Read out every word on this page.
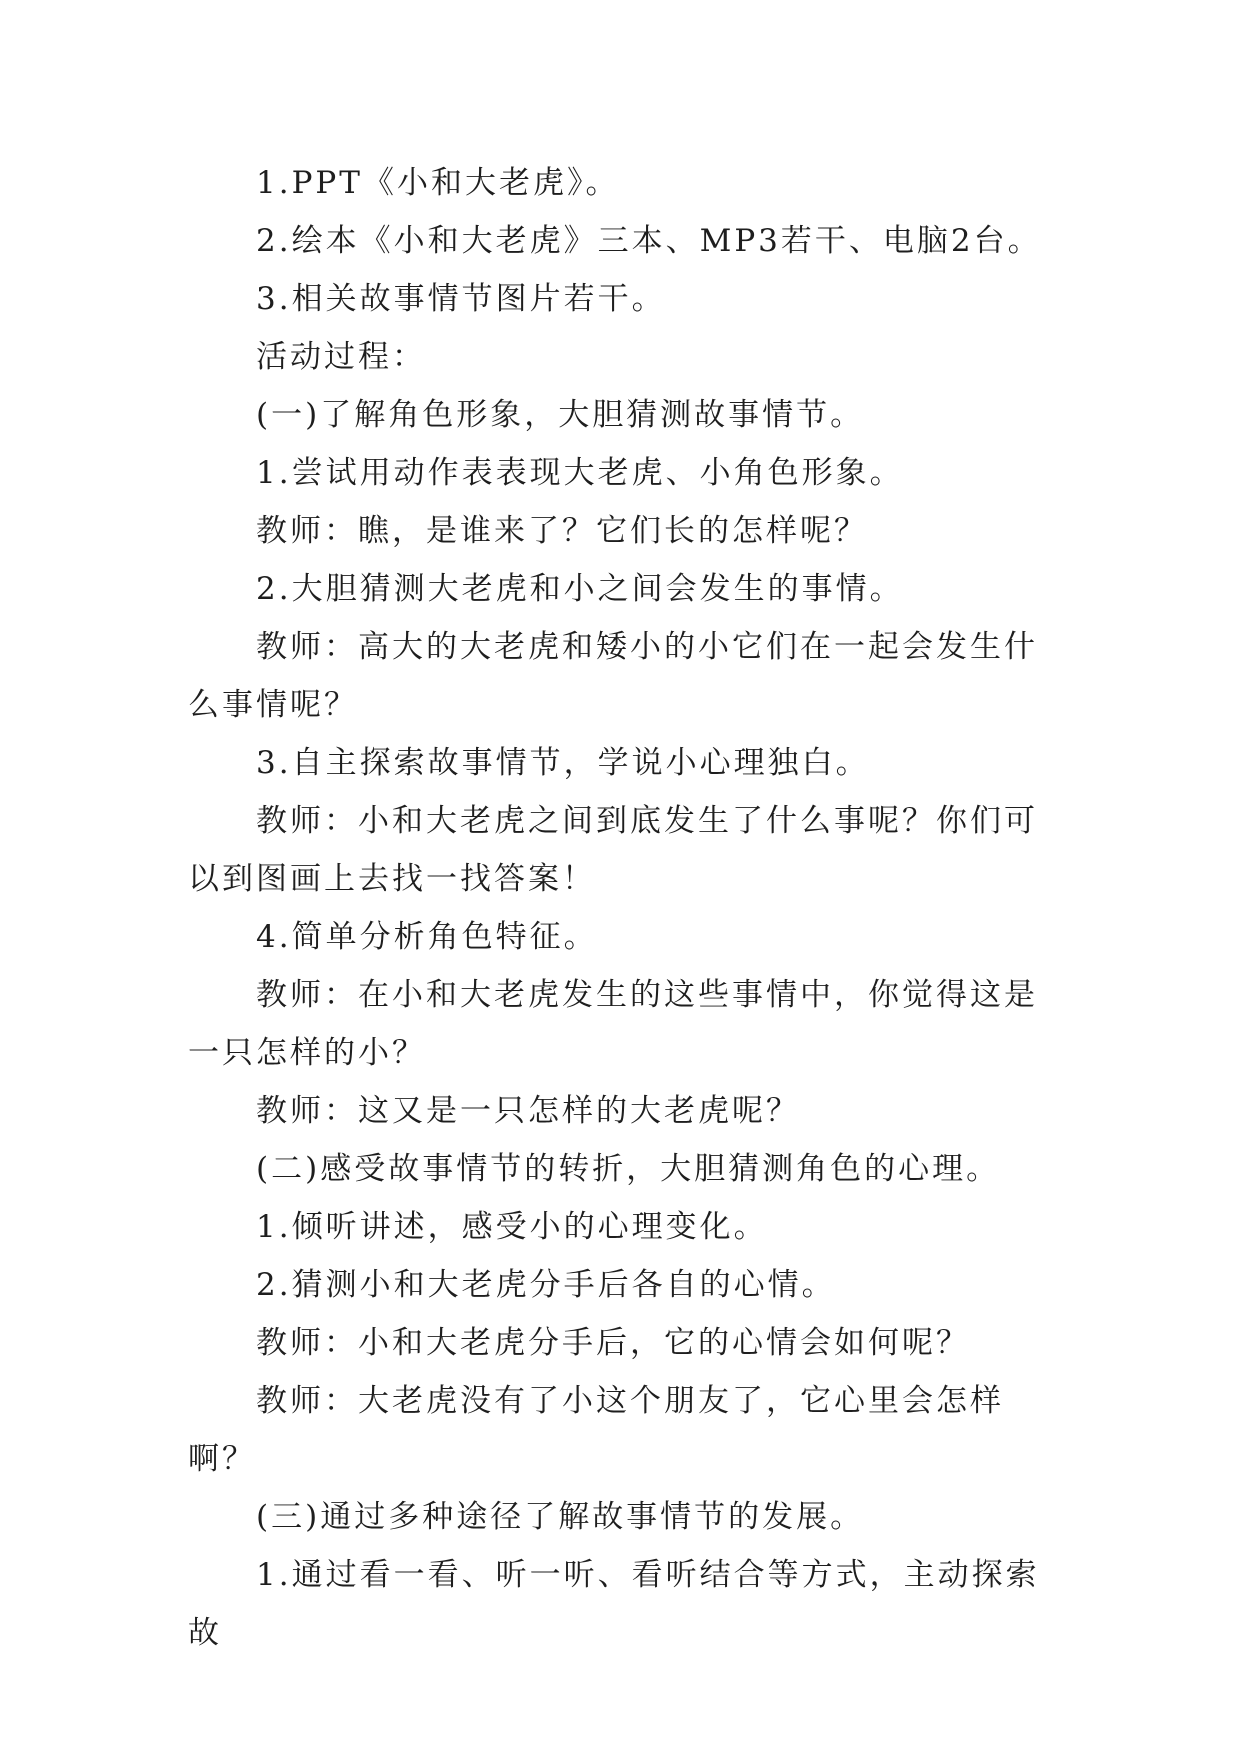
1.PPT《小和大老虎》。

2.绘本《小和大老虎》三本、MP3若干、电脑2台。

3.相关故事情节图片若干。

活动过程：

(一)了解角色形象，大胆猜测故事情节。

1.尝试用动作表表现大老虎、小角色形象。

教师：瞧，是谁来了？它们长的怎样呢？

2.大胆猜测大老虎和小之间会发生的事情。

教师：高大的大老虎和矮小的小它们在一起会发生什么事情呢？

3.自主探索故事情节，学说小心理独白。

教师：小和大老虎之间到底发生了什么事呢？你们可以到图画上去找一找答案！

4.简单分析角色特征。

教师：在小和大老虎发生的这些事情中，你觉得这是一只怎样的小？

教师：这又是一只怎样的大老虎呢？

(二)感受故事情节的转折，大胆猜测角色的心理。

1.倾听讲述，感受小的心理变化。

2.猜测小和大老虎分手后各自的心情。

教师：小和大老虎分手后，它的心情会如何呢？

教师：大老虎没有了小这个朋友了，它心里会怎样啊？

(三)通过多种途径了解故事情节的发展。

1.通过看一看、听一听、看听结合等方式，主动探索故
